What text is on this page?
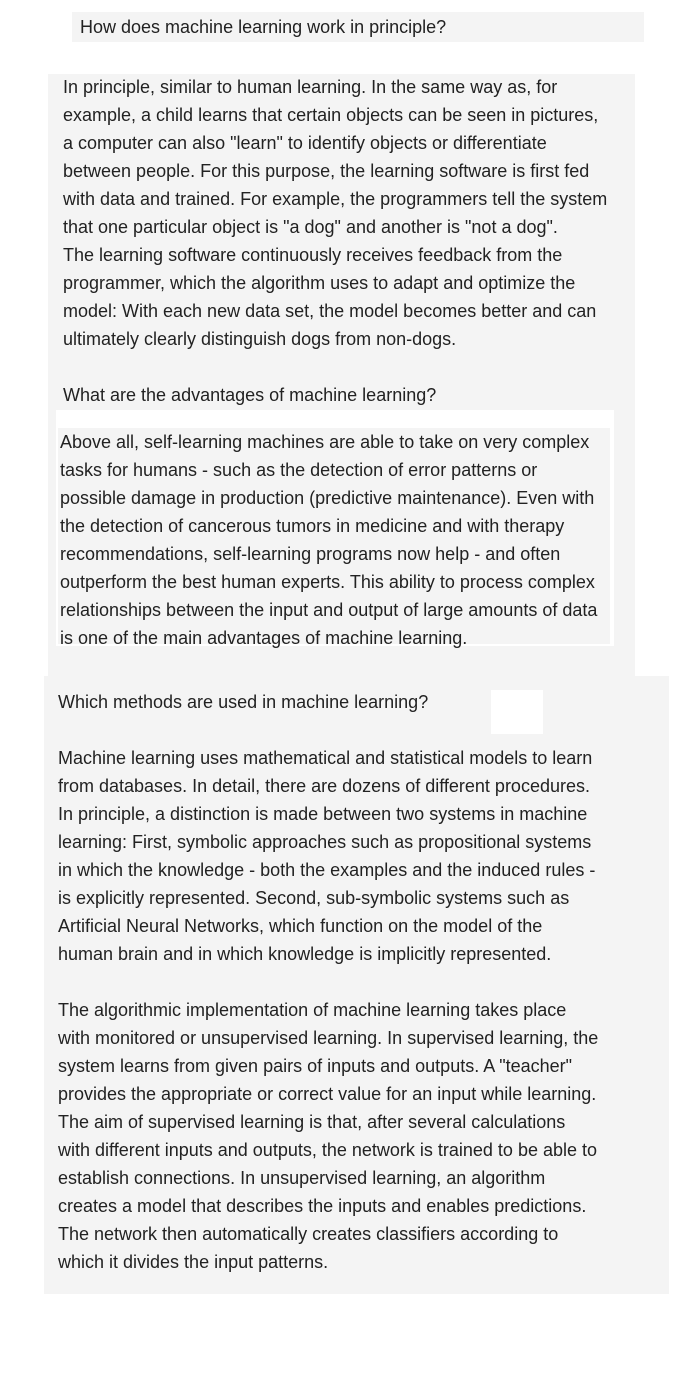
How does machine learning work in principle?

In principle, similar to human learning. In the same way as, for
example, a child learns that certain objects can be seen in pictures,
a computer can also "learn" to identify objects or differentiate
between people. For this purpose, the learning software is first fed
with data and trained. For example, the programmers tell the system
that one particular object is "a dog" and another is "not a dog".
The learning software continuously receives feedback from the
programmer, which the algorithm uses to adapt and optimize the
model: With each new data set, the model becomes better and can
ultimately clearly distinguish dogs from non-dogs.

What are the advantages of machine learning?

Above all, self-learning machines are able to take on very complex
tasks for humans - such as the detection of error patterns or
possible damage in production (predictive maintenance). Even with
the detection of cancerous tumors in medicine and with therapy
recommendations, self-learning programs now help - and often
outperform the best human experts. This ability to process complex
relationships between the input and output of large amounts of data
is one of the main advantages of machine learning.

Which methods are used in machine learning?

Machine learning uses mathematical and statistical models to learn
from databases. In detail, there are dozens of different procedures.
In principle, a distinction is made between two systems in machine
learning: First, symbolic approaches such as propositional systems
in which the knowledge - both the examples and the induced rules -
is explicitly represented. Second, sub-symbolic systems such as
Artificial Neural Networks, which function on the model of the
human brain and in which knowledge is implicitly represented.

The algorithmic implementation of machine learning takes place
with monitored or unsupervised learning. In supervised learning, the
system learns from given pairs of inputs and outputs. A "teacher"
provides the appropriate or correct value for an input while learning.
The aim of supervised learning is that, after several calculations
with different inputs and outputs, the network is trained to be able to
establish connections. In unsupervised learning, an algorithm
creates a model that describes the inputs and enables predictions.
The network then automatically creates classifiers according to
which it divides the input patterns.
